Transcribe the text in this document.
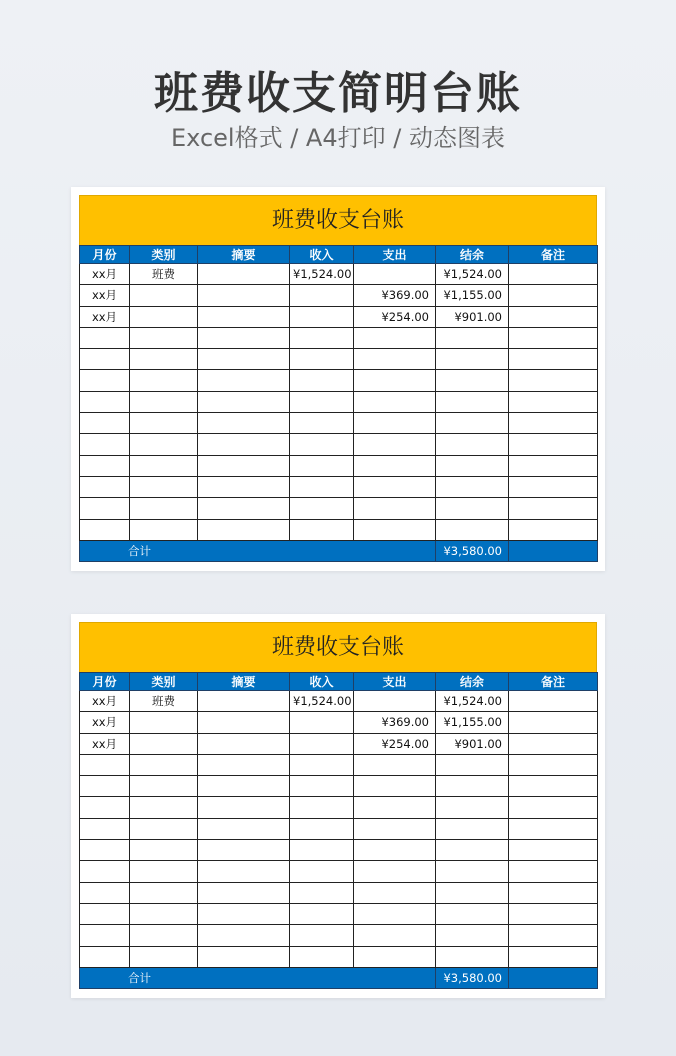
班费收支简明台账
Excel格式 / A4打印 / 动态图表
班费收支台账
月份	类别	摘要	收入	支出	结余	备注
xx月	班费		¥1,524.00		¥1,524.00	
xx月				¥369.00	¥1,155.00	
xx月				¥254.00	¥901.00	

合计					¥3,580.00	
班费收支台账
月份	类别	摘要	收入	支出	结余	备注
xx月	班费		¥1,524.00		¥1,524.00	
xx月				¥369.00	¥1,155.00	
xx月				¥254.00	¥901.00	

合计					¥3,580.00	
